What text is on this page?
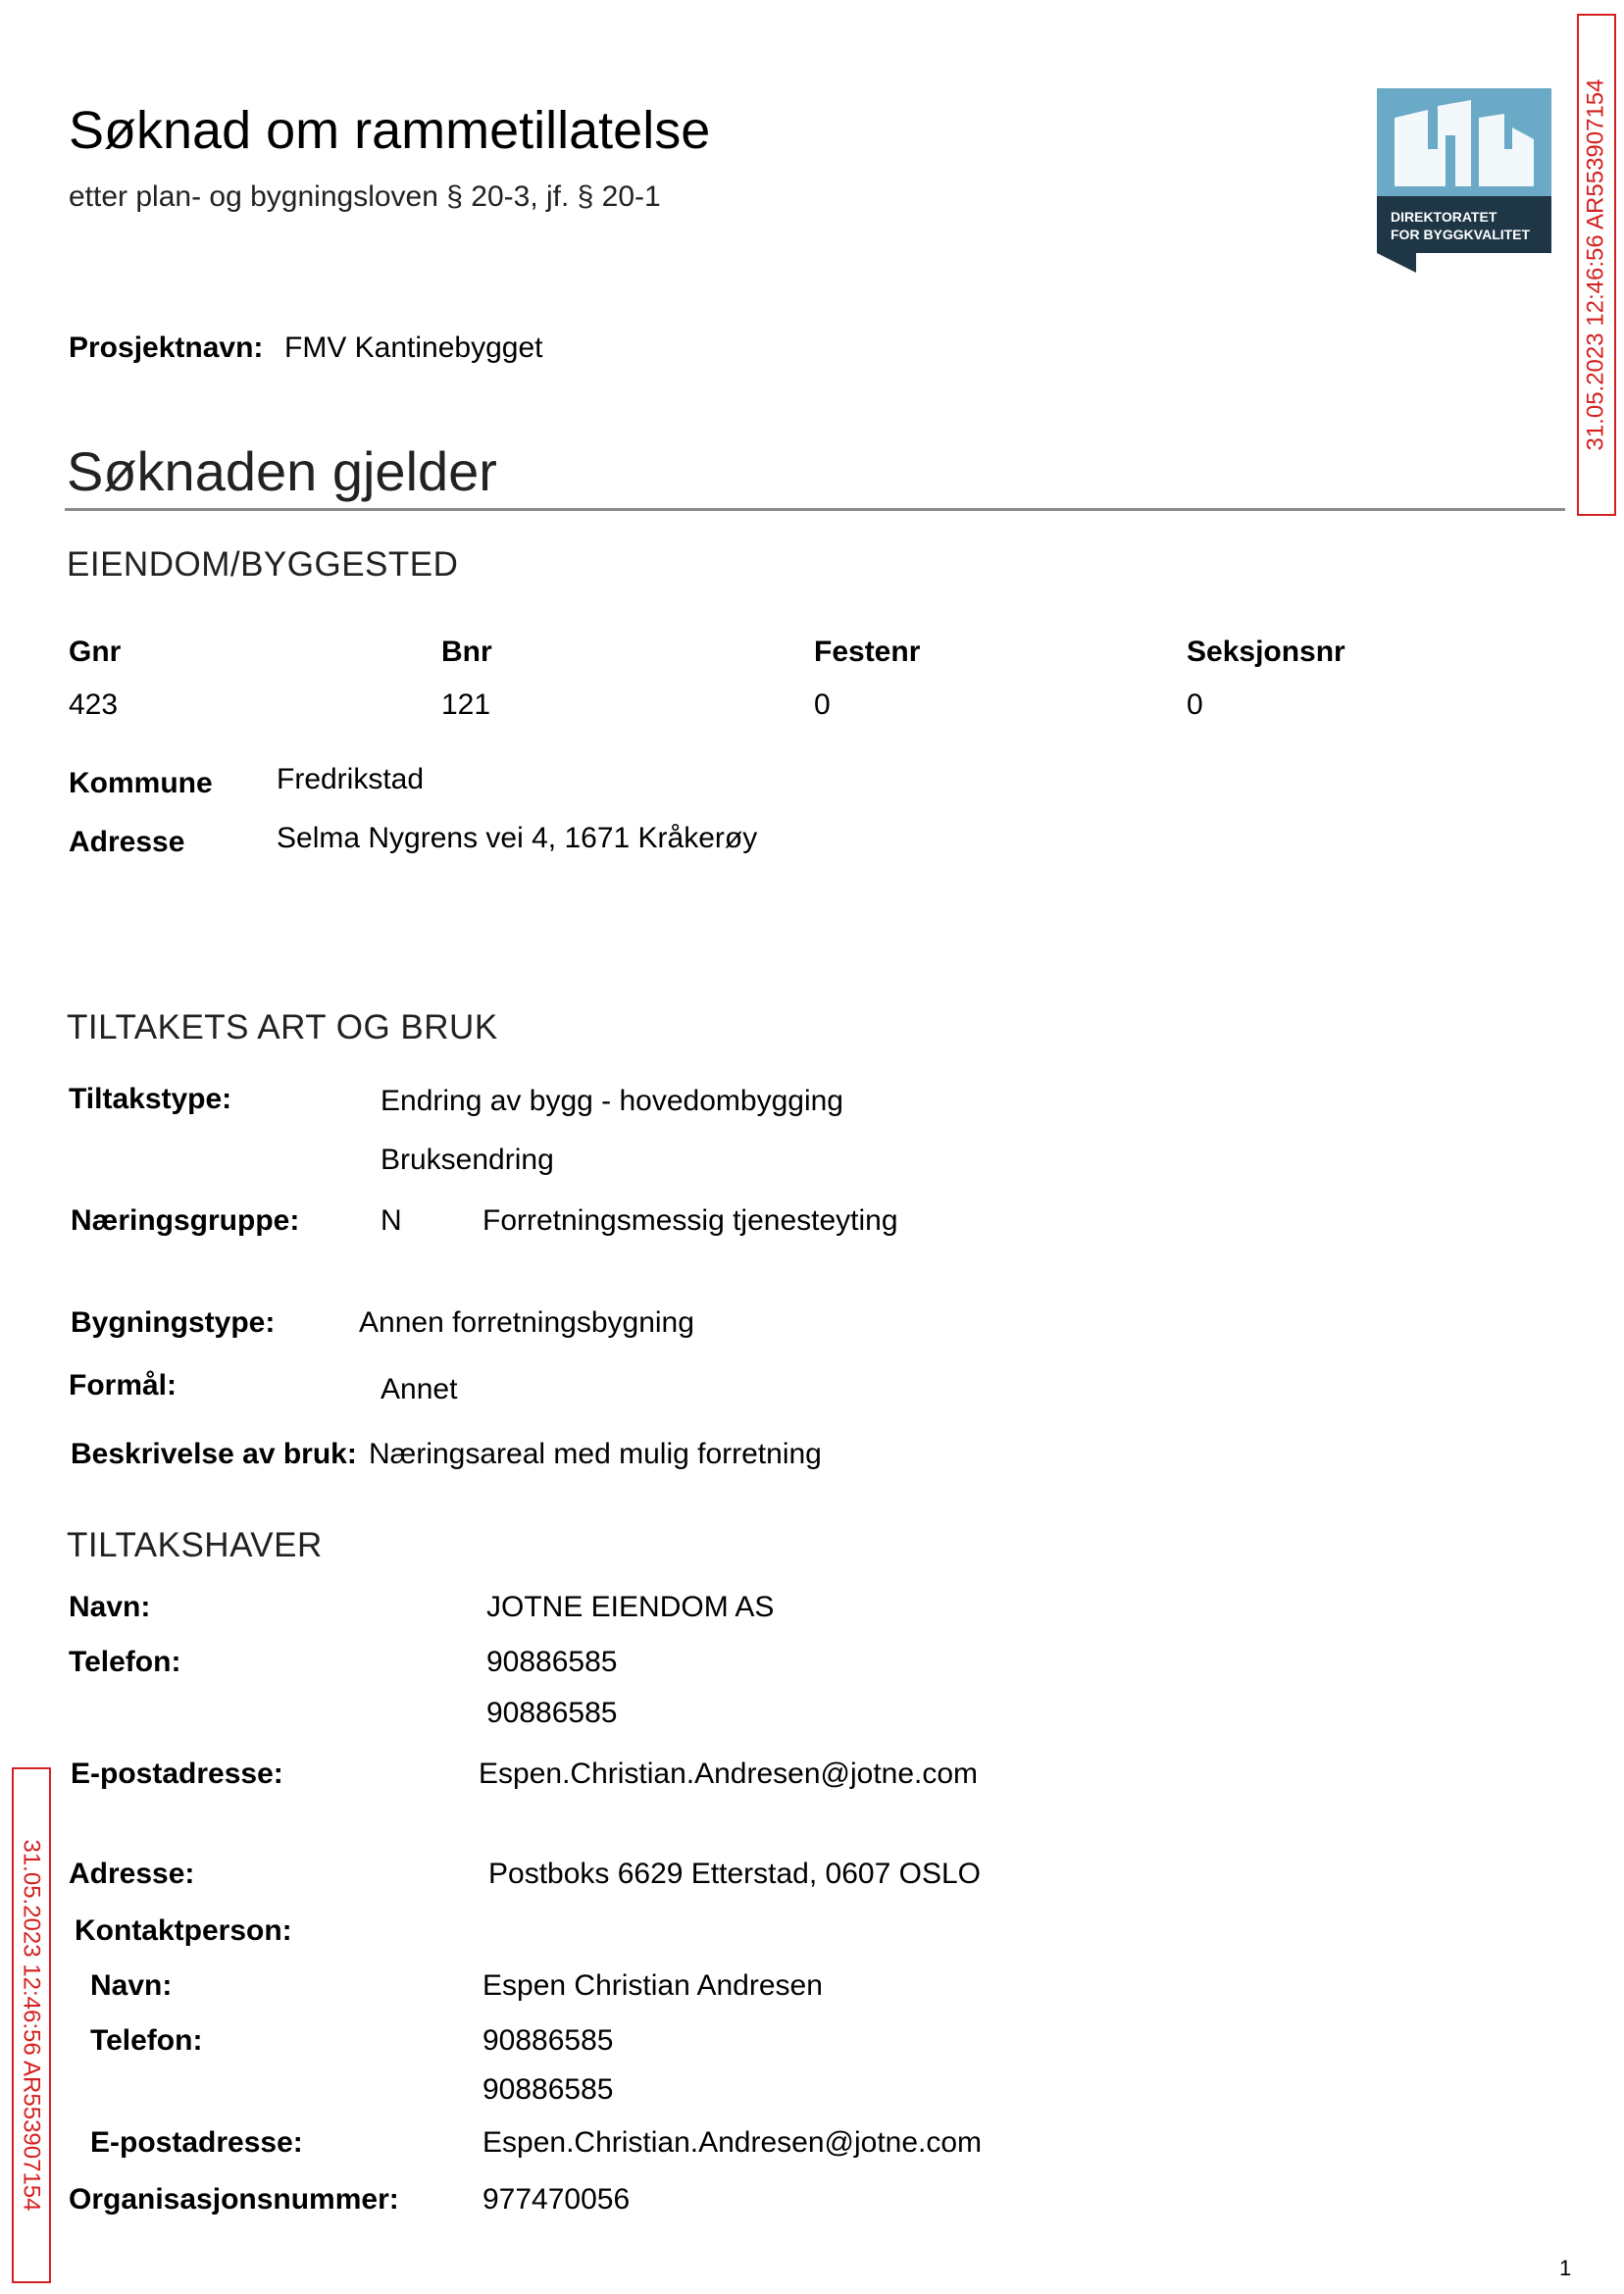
Søknad om rammetillatelse
etter plan- og bygningsloven § 20-3, jf. § 20-1
DIREKTORATET
FOR BYGGKVALITET
Prosjektnavn: FMV Kantinebygget
Søknaden gjelder
EIENDOM/BYGGESTED
Gnr	Bnr	Festenr	Seksjonsnr
423	121	0	0
Kommune Fredrikstad
Adresse	Selma Nygrens vei 4, 1671 Kråkerøy
TILTAKETS ART OG BRUK
Tiltakstype:	Endring av bygg - hovedombygging
Bruksendring
Næringsgruppe:	N	Forretningsmessig tjenesteyting
Bygningstype:	Annen forretningsbygning
Formål:	Annet
Beskrivelse av bruk: Næringsareal med mulig forretning
TILTAKSHAVER
Navn:	JOTNE EIENDOM AS
Telefon:	90886585
90886585
E-postadresse:	Espen.Christian.Andresen@jotne.com
Adresse:	Postboks 6629 Etterstad, 0607 OSLO
Kontaktperson:
Navn:	Espen Christian Andresen
Telefon:	90886585
90886585
E-postadresse:	Espen.Christian.Andresen@jotne.com
Organisasjonsnummer:	977470056
31.05.2023 12:46:56 AR553907154
31.05.2023 12:46:56 AR553907154
1
